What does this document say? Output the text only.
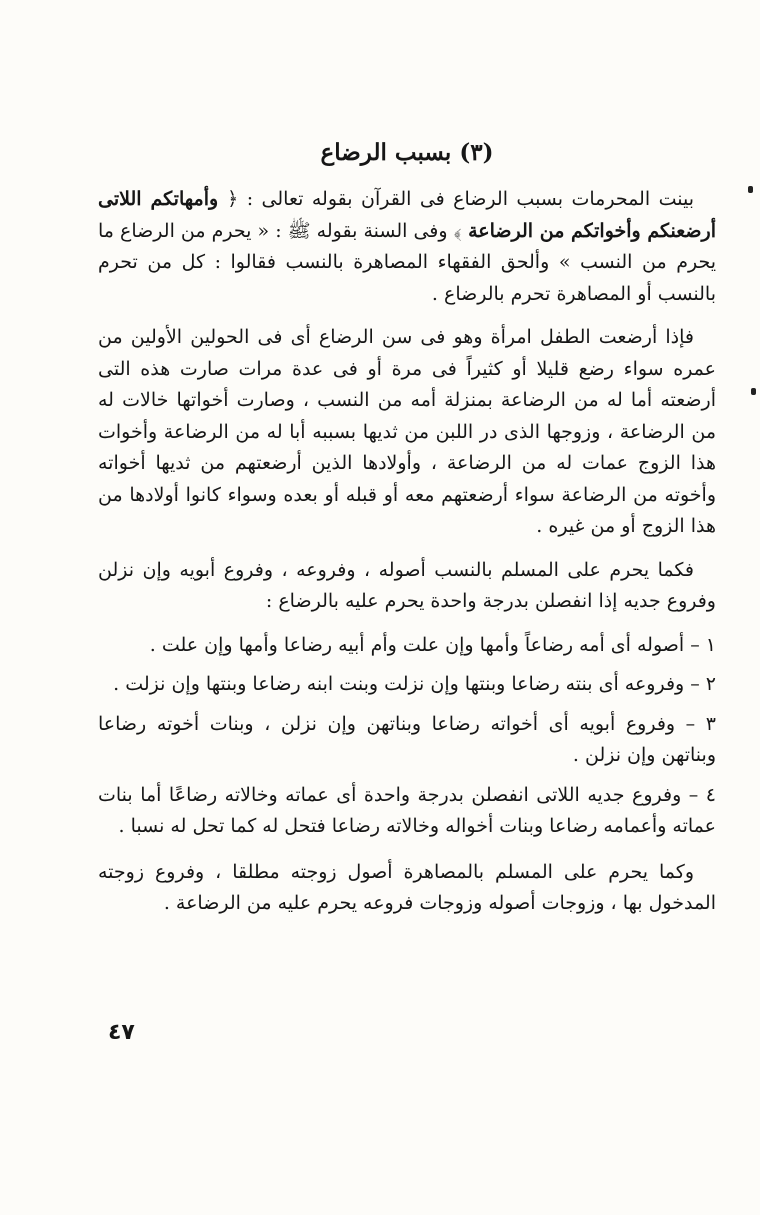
(٣) بسبب الرضاع

بينت المحرمات بسبب الرضاع فى القرآن بقوله تعالى : ﴿ وأمهاتكم اللاتى أرضعنكم وأخواتكم من الرضاعة ﴾ وفى السنة بقوله ﷺ : « يحرم من الرضاع ما يحرم من النسب » وألحق الفقهاء المصاهرة بالنسب فقالوا : كل من تحرم بالنسب أو المصاهرة تحرم بالرضاع .

فإذا أرضعت الطفل امرأة وهو فى سن الرضاع أى فى الحولين الأولين من عمره سواء رضع قليلا أو كثيراً فى مرة أو فى عدة مرات صارت هذه التى أرضعته أما له من الرضاعة بمنزلة أمه من النسب ، وصارت أخواتها خالات له من الرضاعة ، وزوجها الذى در اللبن من ثديها بسببه أبا له من الرضاعة وأخوات هذا الزوج عمات له من الرضاعة ، وأولادها الذين أرضعتهم من ثديها أخواته وأخوته من الرضاعة سواء أرضعتهم معه أو قبله أو بعده وسواء كانوا أولادها من هذا الزوج أو من غيره .

فكما يحرم على المسلم بالنسب أصوله ، وفروعه ، وفروع أبويه وإن نزلن وفروع جديه إذا انفصلن بدرجة واحدة يحرم عليه بالرضاع :

١ – أصوله أى أمه رضاعاً وأمها وإن علت وأم أبيه رضاعا وأمها وإن علت .

٢ – وفروعه أى بنته رضاعا وبنتها وإن نزلت وبنت ابنه رضاعا وبنتها وإن نزلت .

٣ – وفروع أبويه أى أخواته رضاعا وبناتهن وإن نزلن ، وبنات أخوته رضاعا وبناتهن وإن نزلن .

٤ – وفروع جديه اللاتى انفصلن بدرجة واحدة أى عماته وخالاته رضاعًا أما بنات عماته وأعمامه رضاعا وبنات أخواله وخالاته رضاعا فتحل له كما تحل له نسبا .

وكما يحرم على المسلم بالمصاهرة أصول زوجته مطلقا ، وفروع زوجته المدخول بها ، وزوجات أصوله وزوجات فروعه يحرم عليه من الرضاعة .

٤٧
